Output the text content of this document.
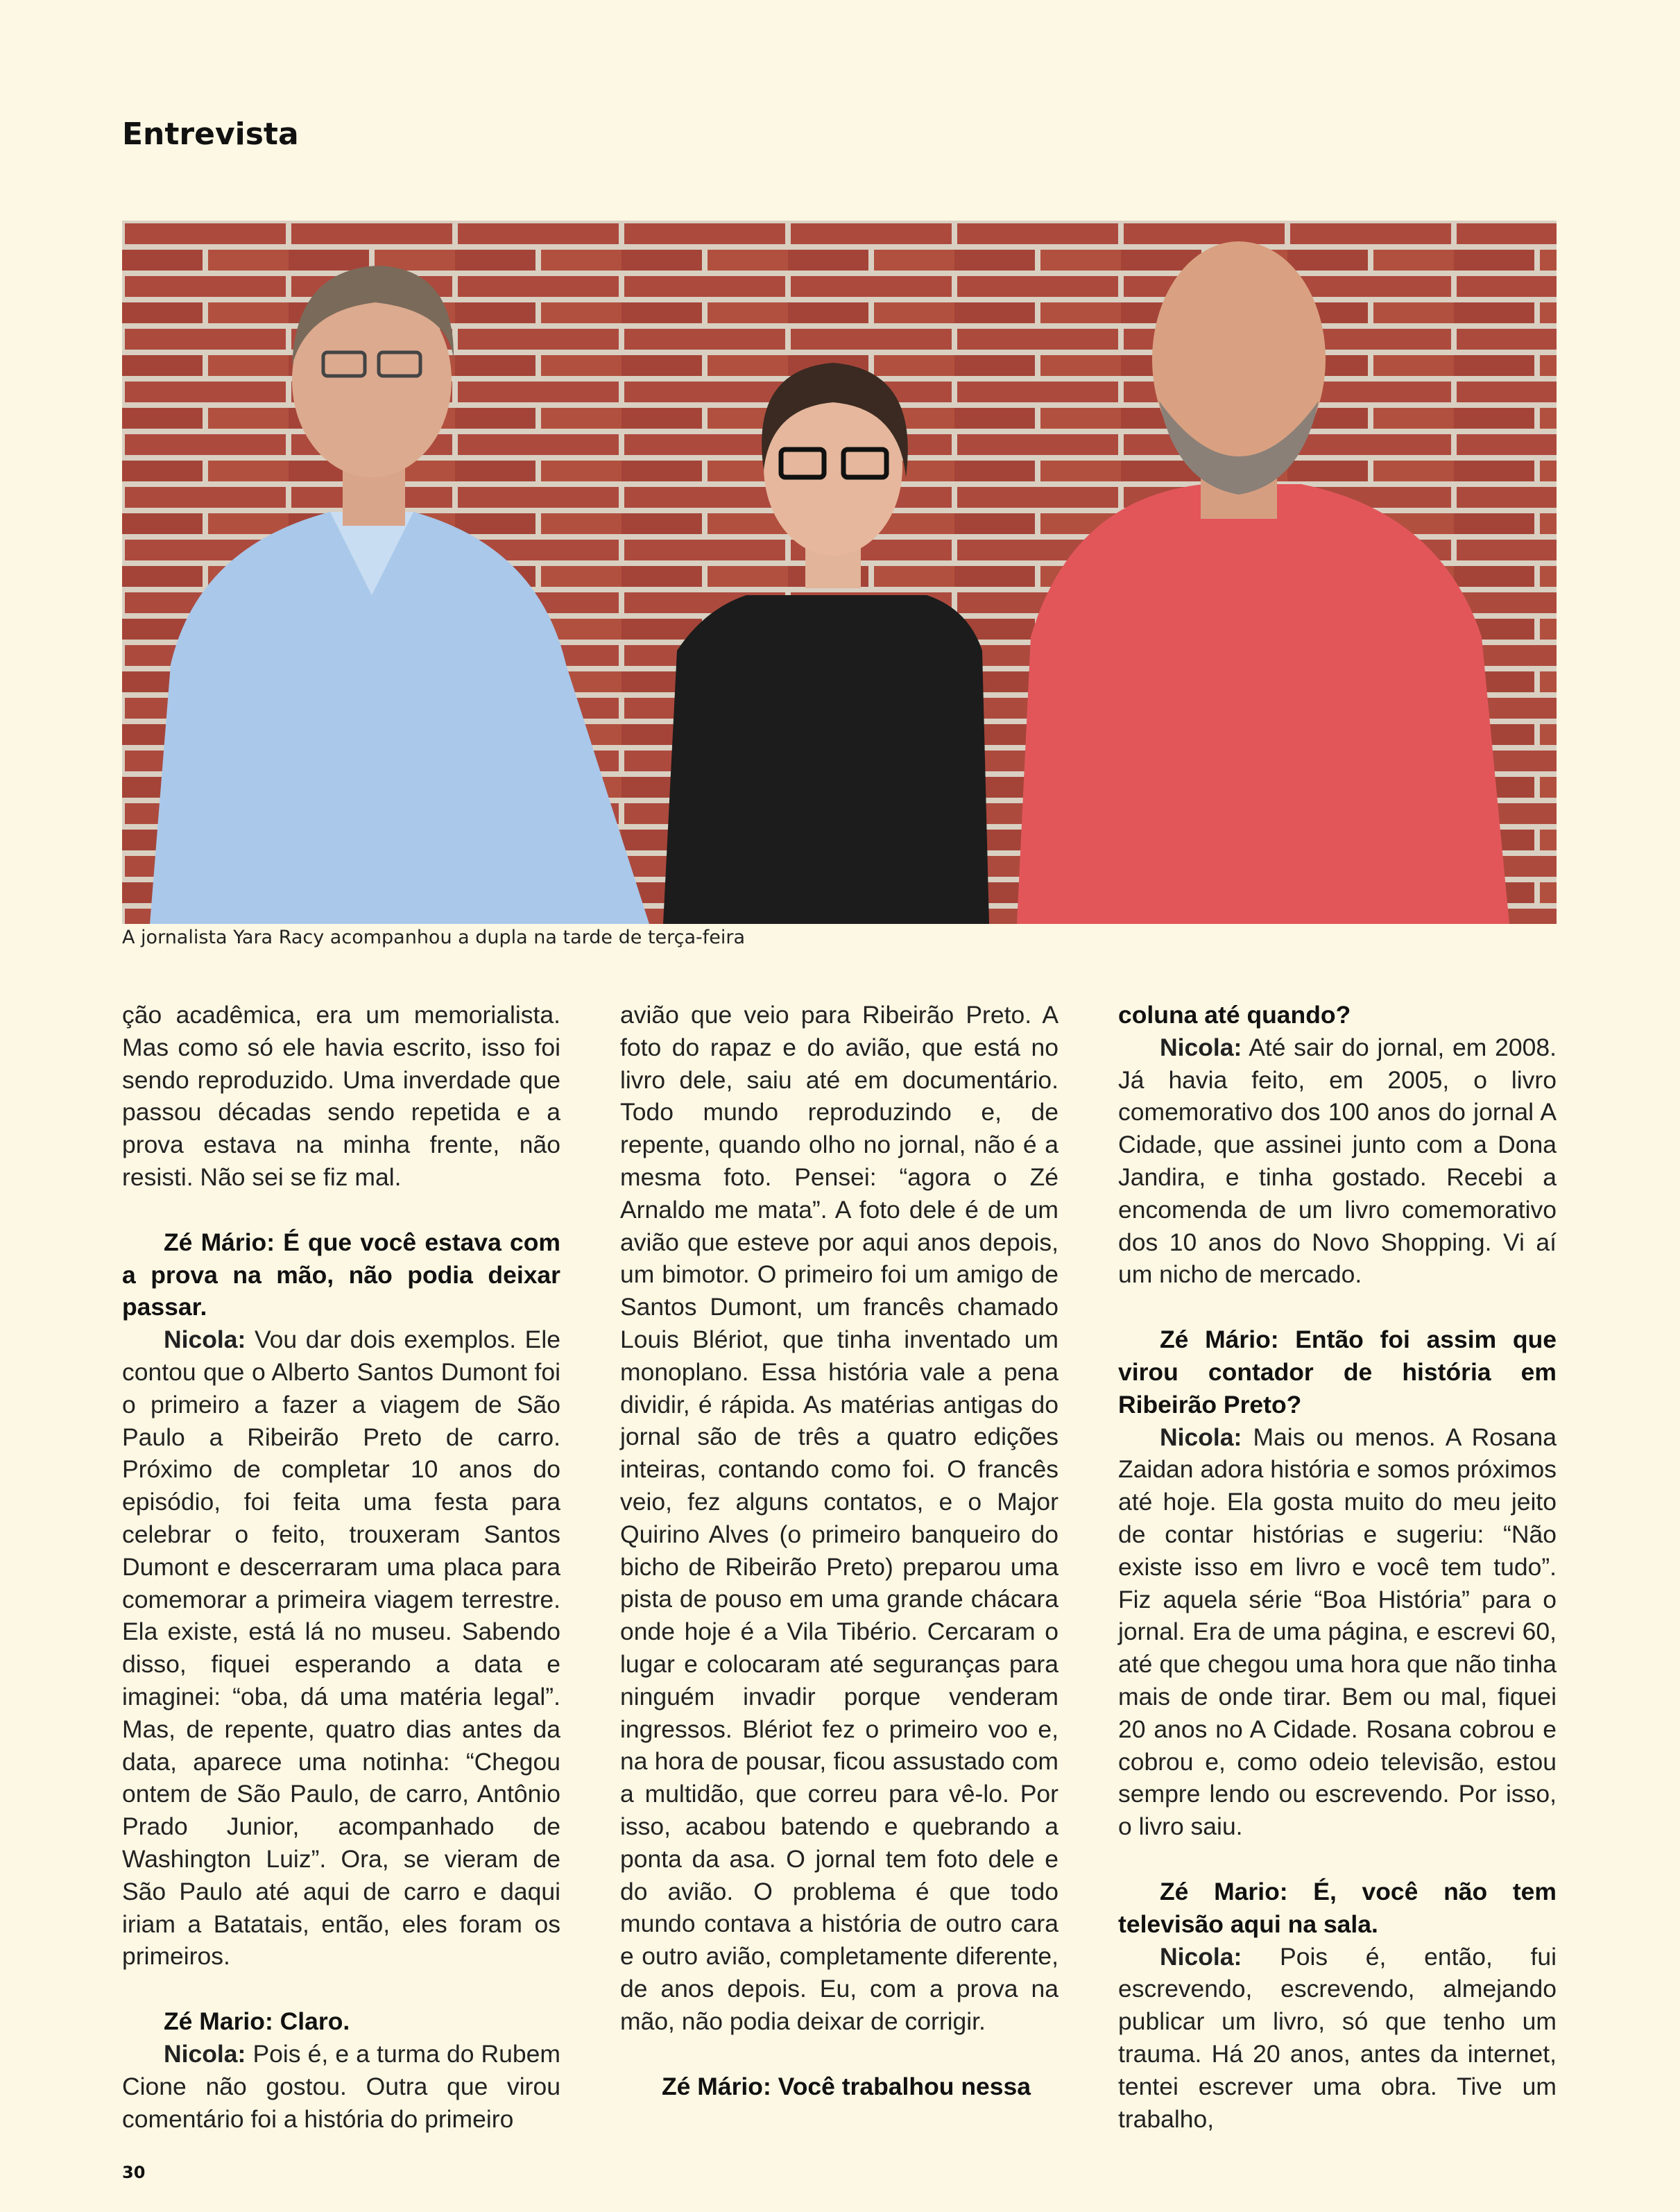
Entrevista
A jornalista Yara Racy acompanhou a dupla na tarde de terça-feira

ção acadêmica, era um memorialista. Mas como só ele havia escrito, isso foi sendo reproduzido. Uma inverdade que passou décadas sendo repetida e a prova estava na minha frente, não resisti. Não sei se fiz mal.

Zé Mário: É que você estava com a prova na mão, não podia deixar passar.

Nicola: Vou dar dois exemplos. Ele contou que o Alberto Santos Dumont foi o primeiro a fazer a viagem de São Paulo a Ribeirão Preto de carro. Próximo de completar 10 anos do episódio, foi feita uma festa para celebrar o feito, trouxeram Santos Dumont e descerraram uma placa para comemorar a primeira viagem terrestre. Ela existe, está lá no museu. Sabendo disso, fiquei esperando a data e imaginei: “oba, dá uma matéria legal”. Mas, de repente, quatro dias antes da data, aparece uma notinha: “Chegou ontem de São Paulo, de carro, Antônio Prado Junior, acompanhado de Washington Luiz”. Ora, se vieram de São Paulo até aqui de carro e daqui iriam a Batatais, então, eles foram os primeiros.

Zé Mario: Claro.

Nicola: Pois é, e a turma do Rubem Cione não gostou. Outra que virou comentário foi a história do primeiro

avião que veio para Ribeirão Preto. A foto do rapaz e do avião, que está no livro dele, saiu até em documentário. Todo mundo reproduzindo e, de repente, quando olho no jornal, não é a mesma foto. Pensei: “agora o Zé Arnaldo me mata”. A foto dele é de um avião que esteve por aqui anos depois, um bimotor. O primeiro foi um amigo de Santos Dumont, um francês chamado Louis Blériot, que tinha inventado um monoplano. Essa história vale a pena dividir, é rápida. As matérias antigas do jornal são de três a quatro edições inteiras, contando como foi. O francês veio, fez alguns contatos, e o Major Quirino Alves (o primeiro banqueiro do bicho de Ribeirão Preto) preparou uma pista de pouso em uma grande chácara onde hoje é a Vila Tibério. Cercaram o lugar e colocaram até seguranças para ninguém invadir porque venderam ingressos. Blériot fez o primeiro voo e, na hora de pousar, ficou assustado com a multidão, que correu para vê-lo. Por isso, acabou batendo e quebrando a ponta da asa. O jornal tem foto dele e do avião. O problema é que todo mundo contava a história de outro cara e outro avião, completamente diferente, de anos depois. Eu, com a prova na mão, não podia deixar de corrigir.

Zé Mário: Você trabalhou nessa

coluna até quando?

Nicola: Até sair do jornal, em 2008. Já havia feito, em 2005, o livro comemorativo dos 100 anos do jornal A Cidade, que assinei junto com a Dona Jandira, e tinha gostado. Recebi a encomenda de um livro comemorativo dos 10 anos do Novo Shopping. Vi aí um nicho de mercado.

Zé Mário: Então foi assim que virou contador de história em Ribeirão Preto?

Nicola: Mais ou menos. A Rosana Zaidan adora história e somos próximos até hoje. Ela gosta muito do meu jeito de contar histórias e sugeriu: “Não existe isso em livro e você tem tudo”. Fiz aquela série “Boa História” para o jornal. Era de uma página, e escrevi 60, até que chegou uma hora que não tinha mais de onde tirar. Bem ou mal, fiquei 20 anos no A Cidade. Rosana cobrou e cobrou e, como odeio televisão, estou sempre lendo ou escrevendo. Por isso, o livro saiu.

Zé Mario: É, você não tem televisão aqui na sala.

Nicola: Pois é, então, fui escrevendo, escrevendo, almejando publicar um livro, só que tenho um trauma. Há 20 anos, antes da internet, tentei escrever uma obra. Tive um trabalho,

30
